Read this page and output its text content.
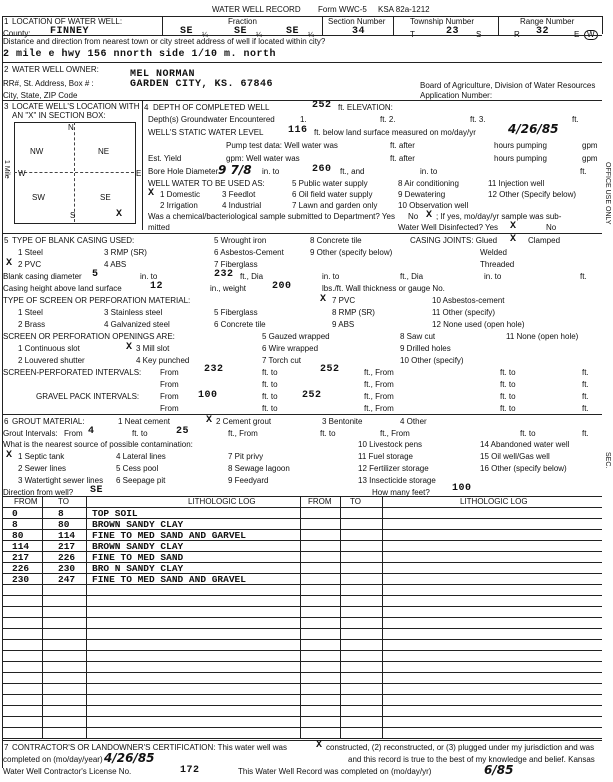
WATER WELL RECORD Form WWC-5 KSA 82a-1212
1 LOCATION OF WATER WELL:
County: FINNEY
Fraction
SE ¼	SE ¼ SE ¼
Section Number
34
Township Number
T	23 S
Range Number
R 32	E W
Distance and direction from nearest town or city street address of well if located within city?
2 mile e hwy 156 nnorth side 1/10 m. north
2 WATER WELL OWNER:	MEL NORMAN
RR#, St. Address, Box # :	GARDEN CITY, KS. 67846
City, State, ZIP Code
Board of Agriculture, Division of Water Resources
Application Number:
3 LOCATE WELL'S LOCATION WITH
AN "X" IN SECTION BOX:
N
NW	NE
W	E
SW	SE
S	X
1 Mile
4 DEPTH OF COMPLETED WELL	252 ft. ELEVATION:
Depth(s) Groundwater Encountered	1.	ft. 2.	ft. 3.	ft.
WELL'S STATIC WATER LEVEL 116 ft. below land surface measured on mo/day/yr	4/26/85
Pump test data: Well water was	ft. after	hours pumping	gpm
Est. Yield	gpm: Well water was	ft. after	hours pumping	gpm
Bore Hole Diameter 9 7/8 in. to	260 ft., and	in. to	ft.
WELL WATER TO BE USED AS:	5 Public water supply	8 Air conditioning	11 Injection well
X 1 Domestic	3 Feedlot	6 Oil field water supply	9 Dewatering	12 Other (Specify below)
2 Irrigation	4 Industrial	7 Lawn and garden only	10 Observation well
Was a chemical/bacteriological sample submitted to Department? Yes No X ; If yes, mo/day/yr sample was sub-
mitted	Water Well Disinfected? Yes X	No
5 TYPE OF BLANK CASING USED:	5 Wrought iron	8 Concrete tile	CASING JOINTS: Glued X Clamped
1 Steel	3 RMP (SR)	6 Asbestos-Cement	9 Other (specify below)	Welded
X 2 PVC	4 ABS	7 Fiberglass	Threaded
Blank casing diameter 5	in. to	232 ft., Dia	in. to	ft., Dia	in. to	ft.
Casing height above land surface	12	in., weight	200	lbs./ft. Wall thickness or gauge No.
TYPE OF SCREEN OR PERFORATION MATERIAL:	X 7 PVC	10 Asbestos-cement
1 Steel	3 Stainless steel	5 Fiberglass	8 RMP (SR)	11 Other (specify)
2 Brass	4 Galvanized steel	6 Concrete tile	9 ABS	12 None used (open hole)
SCREEN OR PERFORATION OPENINGS ARE:	5 Gauzed wrapped	8 Saw cut	11 None (open hole)
1 Continuous slot	X 3 Mill slot	6 Wire wrapped	9 Drilled holes
2 Louvered shutter	4 Key punched	7 Torch cut	10 Other (specify)
SCREEN-PERFORATED INTERVALS: From	232	ft. to	252	ft., From	ft. to	ft.
From	ft. to	ft., From	ft. to	ft.
GRAVEL PACK INTERVALS:	From 100	ft. to 252	ft., From	ft. to	ft.
From	ft. to	ft., From	ft. to	ft.
6 GROUT MATERIAL:	1 Neat cement	X 2 Cement grout	3 Bentonite	4 Other
Grout Intervals: From 4	ft. to	25	ft., From	ft. to	ft., From	ft. to	ft.
What is the nearest source of possible contamination:	10 Livestock pens	14 Abandoned water well
X 1 Septic tank	4 Lateral lines	7 Pit privy	11 Fuel storage	15 Oil well/Gas well
2 Sewer lines	5 Cess pool	8 Sewage lagoon	12 Fertilizer storage	16 Other (specify below)
3 Watertight sewer lines 6 Seepage pit	9 Feedyard	13 Insecticide storage
Direction from well? SE	How many feet? 100
FROM	TO	LITHOLOGIC LOG	FROM TO	LITHOLOGIC LOG
0	8	TOP SOIL
8	80 BROWN SANDY CLAY
80	114 FINE TO MED SAND AND GARVEL
114	217 BROWN SANDY CLAY
217	226 FINE TO MED SAND
226	230 BRO N SANDY CLAY
230	247 FINE TO MED SAND AND GRAVEL
7 CONTRACTOR'S OR LANDOWNER'S CERTIFICATION: This water well was	X constructed, (2) reconstructed, or (3) plugged under my jurisdiction and was
completed on (mo/day/year) 4/26/85	and this record is true to the best of my knowledge and belief. Kansas
Water Well Contractor's License No.	172	This Water Well Record was completed on (mo/day/yr)	6/85
OFFICE USE ONLY
SEC.
